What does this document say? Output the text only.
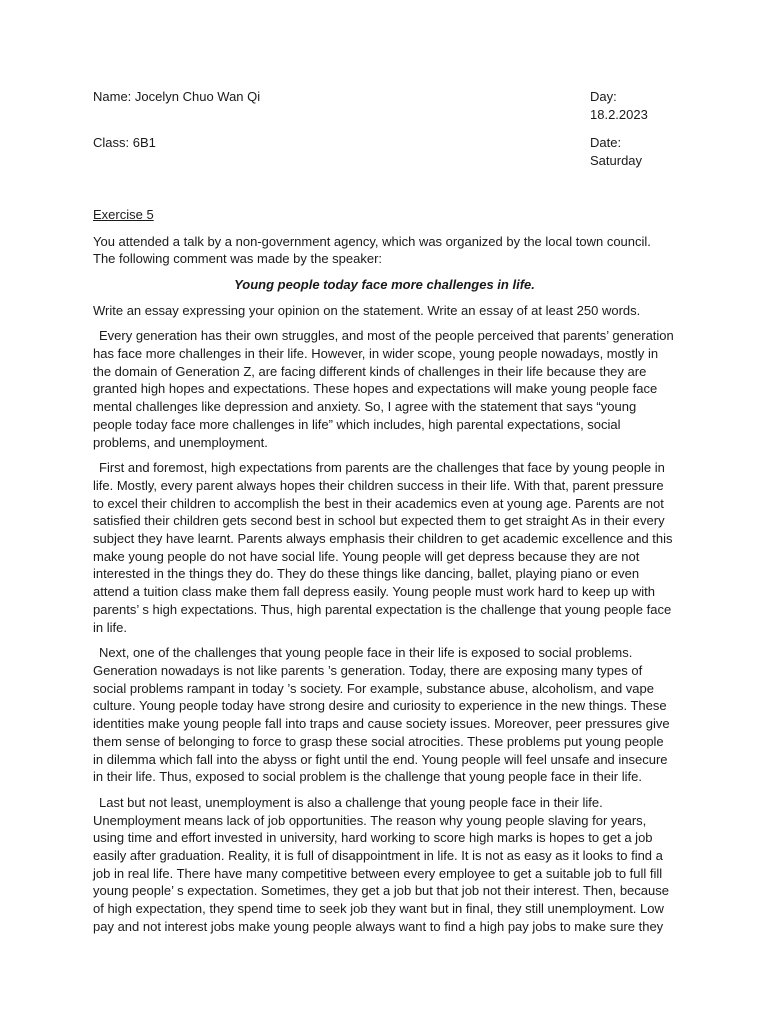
Name: Jocelyn Chuo Wan Qi	Day: 18.2.2023
Class: 6B1	Date: Saturday
Exercise 5
You attended a talk by a non-government agency, which was organized by the local town council. The following comment was made by the speaker:
Young people today face more challenges in life.
Write an essay expressing your opinion on the statement. Write an essay of at least 250 words.

Every generation has their own struggles, and most of the people perceived that parents’ generation has face more challenges in their life. However, in wider scope, young people nowadays, mostly in the domain of Generation Z, are facing different kinds of challenges in their life because they are granted high hopes and expectations. These hopes and expectations will make young people face mental challenges like depression and anxiety. So, I agree with the statement that says “young people today face more challenges in life” which includes, high parental expectations, social problems, and unemployment.

First and foremost, high expectations from parents are the challenges that face by young people in life. Mostly, every parent always hopes their children success in their life. With that, parent pressure to excel their children to accomplish the best in their academics even at young age. Parents are not satisfied their children gets second best in school but expected them to get straight As in their every subject they have learnt. Parents always emphasis their children to get academic excellence and this make young people do not have social life. Young people will get depress because they are not interested in the things they do. They do these things like dancing, ballet, playing piano or even attend a tuition class make them fall depress easily. Young people must work hard to keep up with parents’ s high expectations. Thus, high parental expectation is the challenge that young people face in life.

Next, one of the challenges that young people face in their life is exposed to social problems. Generation nowadays is not like parents ’s generation. Today, there are exposing many types of social problems rampant in today ’s society. For example, substance abuse, alcoholism, and vape culture. Young people today have strong desire and curiosity to experience in the new things. These identities make young people fall into traps and cause society issues. Moreover, peer pressures give them sense of belonging to force to grasp these social atrocities. These problems put young people in dilemma which fall into the abyss or fight until the end. Young people will feel unsafe and insecure in their life. Thus, exposed to social problem is the challenge that young people face in their life.

Last but not least, unemployment is also a challenge that young people face in their life. Unemployment means lack of job opportunities. The reason why young people slaving for years, using time and effort invested in university, hard working to score high marks is hopes to get a job easily after graduation. Reality, it is full of disappointment in life. It is not as easy as it looks to find a job in real life. There have many competitive between every employee to get a suitable job to full fill young people’ s expectation. Sometimes, they get a job but that job not their interest. Then, because of high expectation, they spend time to seek job they want but in final, they still unemployment. Low pay and not interest jobs make young people always want to find a high pay jobs to make sure they
